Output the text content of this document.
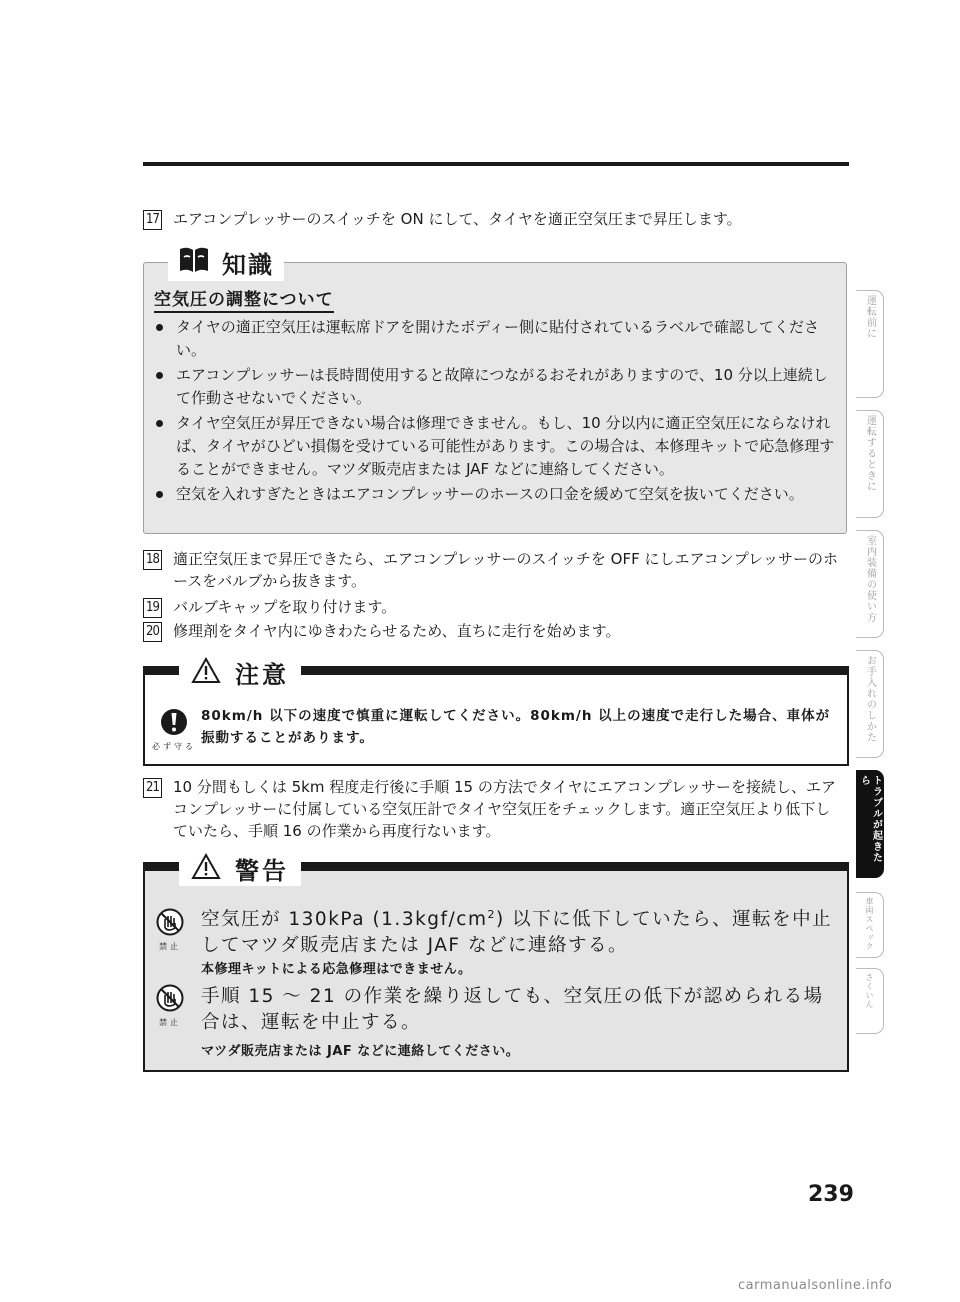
17 エアコンプレッサーのスイッチを ON にして、タイヤを適正空気圧まで昇圧します。
知識
空気圧の調整について
タイヤの適正空気圧は運転席ドアを開けたボディー側に貼付されているラベルで確認してください。
エアコンプレッサーは長時間使用すると故障につながるおそれがありますので、10 分以上連続して作動させないでください。
タイヤ空気圧が昇圧できない場合は修理できません。もし、10 分以内に適正空気圧にならなければ、タイヤがひどい損傷を受けている可能性があります。この場合は、本修理キットで応急修理することができません。マツダ販売店または JAF などに連絡してください。
空気を入れすぎたときはエアコンプレッサーのホースの口金を緩めて空気を抜いてください。
18 適正空気圧まで昇圧できたら、エアコンプレッサーのスイッチを OFF にしエアコンプレッサーのホースをバルブから抜きます。
19 バルブキャップを取り付けます。
20 修理剤をタイヤ内にゆきわたらせるため、直ちに走行を始めます。
注意
必ず守る
80km/h 以下の速度で慎重に運転してください。80km/h 以上の速度で走行した場合、車体が振動することがあります。
21 10 分間もしくは 5km 程度走行後に手順 15 の方法でタイヤにエアコンプレッサーを接続し、エアコンプレッサーに付属している空気圧計でタイヤ空気圧をチェックします。適正空気圧より低下していたら、手順 16 の作業から再度行ないます。
警告
禁止
空気圧が 130kPa $(1.3kgf/cm^2)$ 以下に低下していたら、運転を中止してマツダ販売店または JAF などに連絡する。
本修理キットによる応急修理はできません。
禁止
手順 15 〜 21 の作業を繰り返しても、空気圧の低下が認められる場合は、運転を中止する。
マツダ販売店または JAF などに連絡してください。
運転前に
運転するときに
室内装備の使い方
お手入れのしかた
トラブルが起きたら
車両スペック
さくいん
239
carmanualsonline.info
